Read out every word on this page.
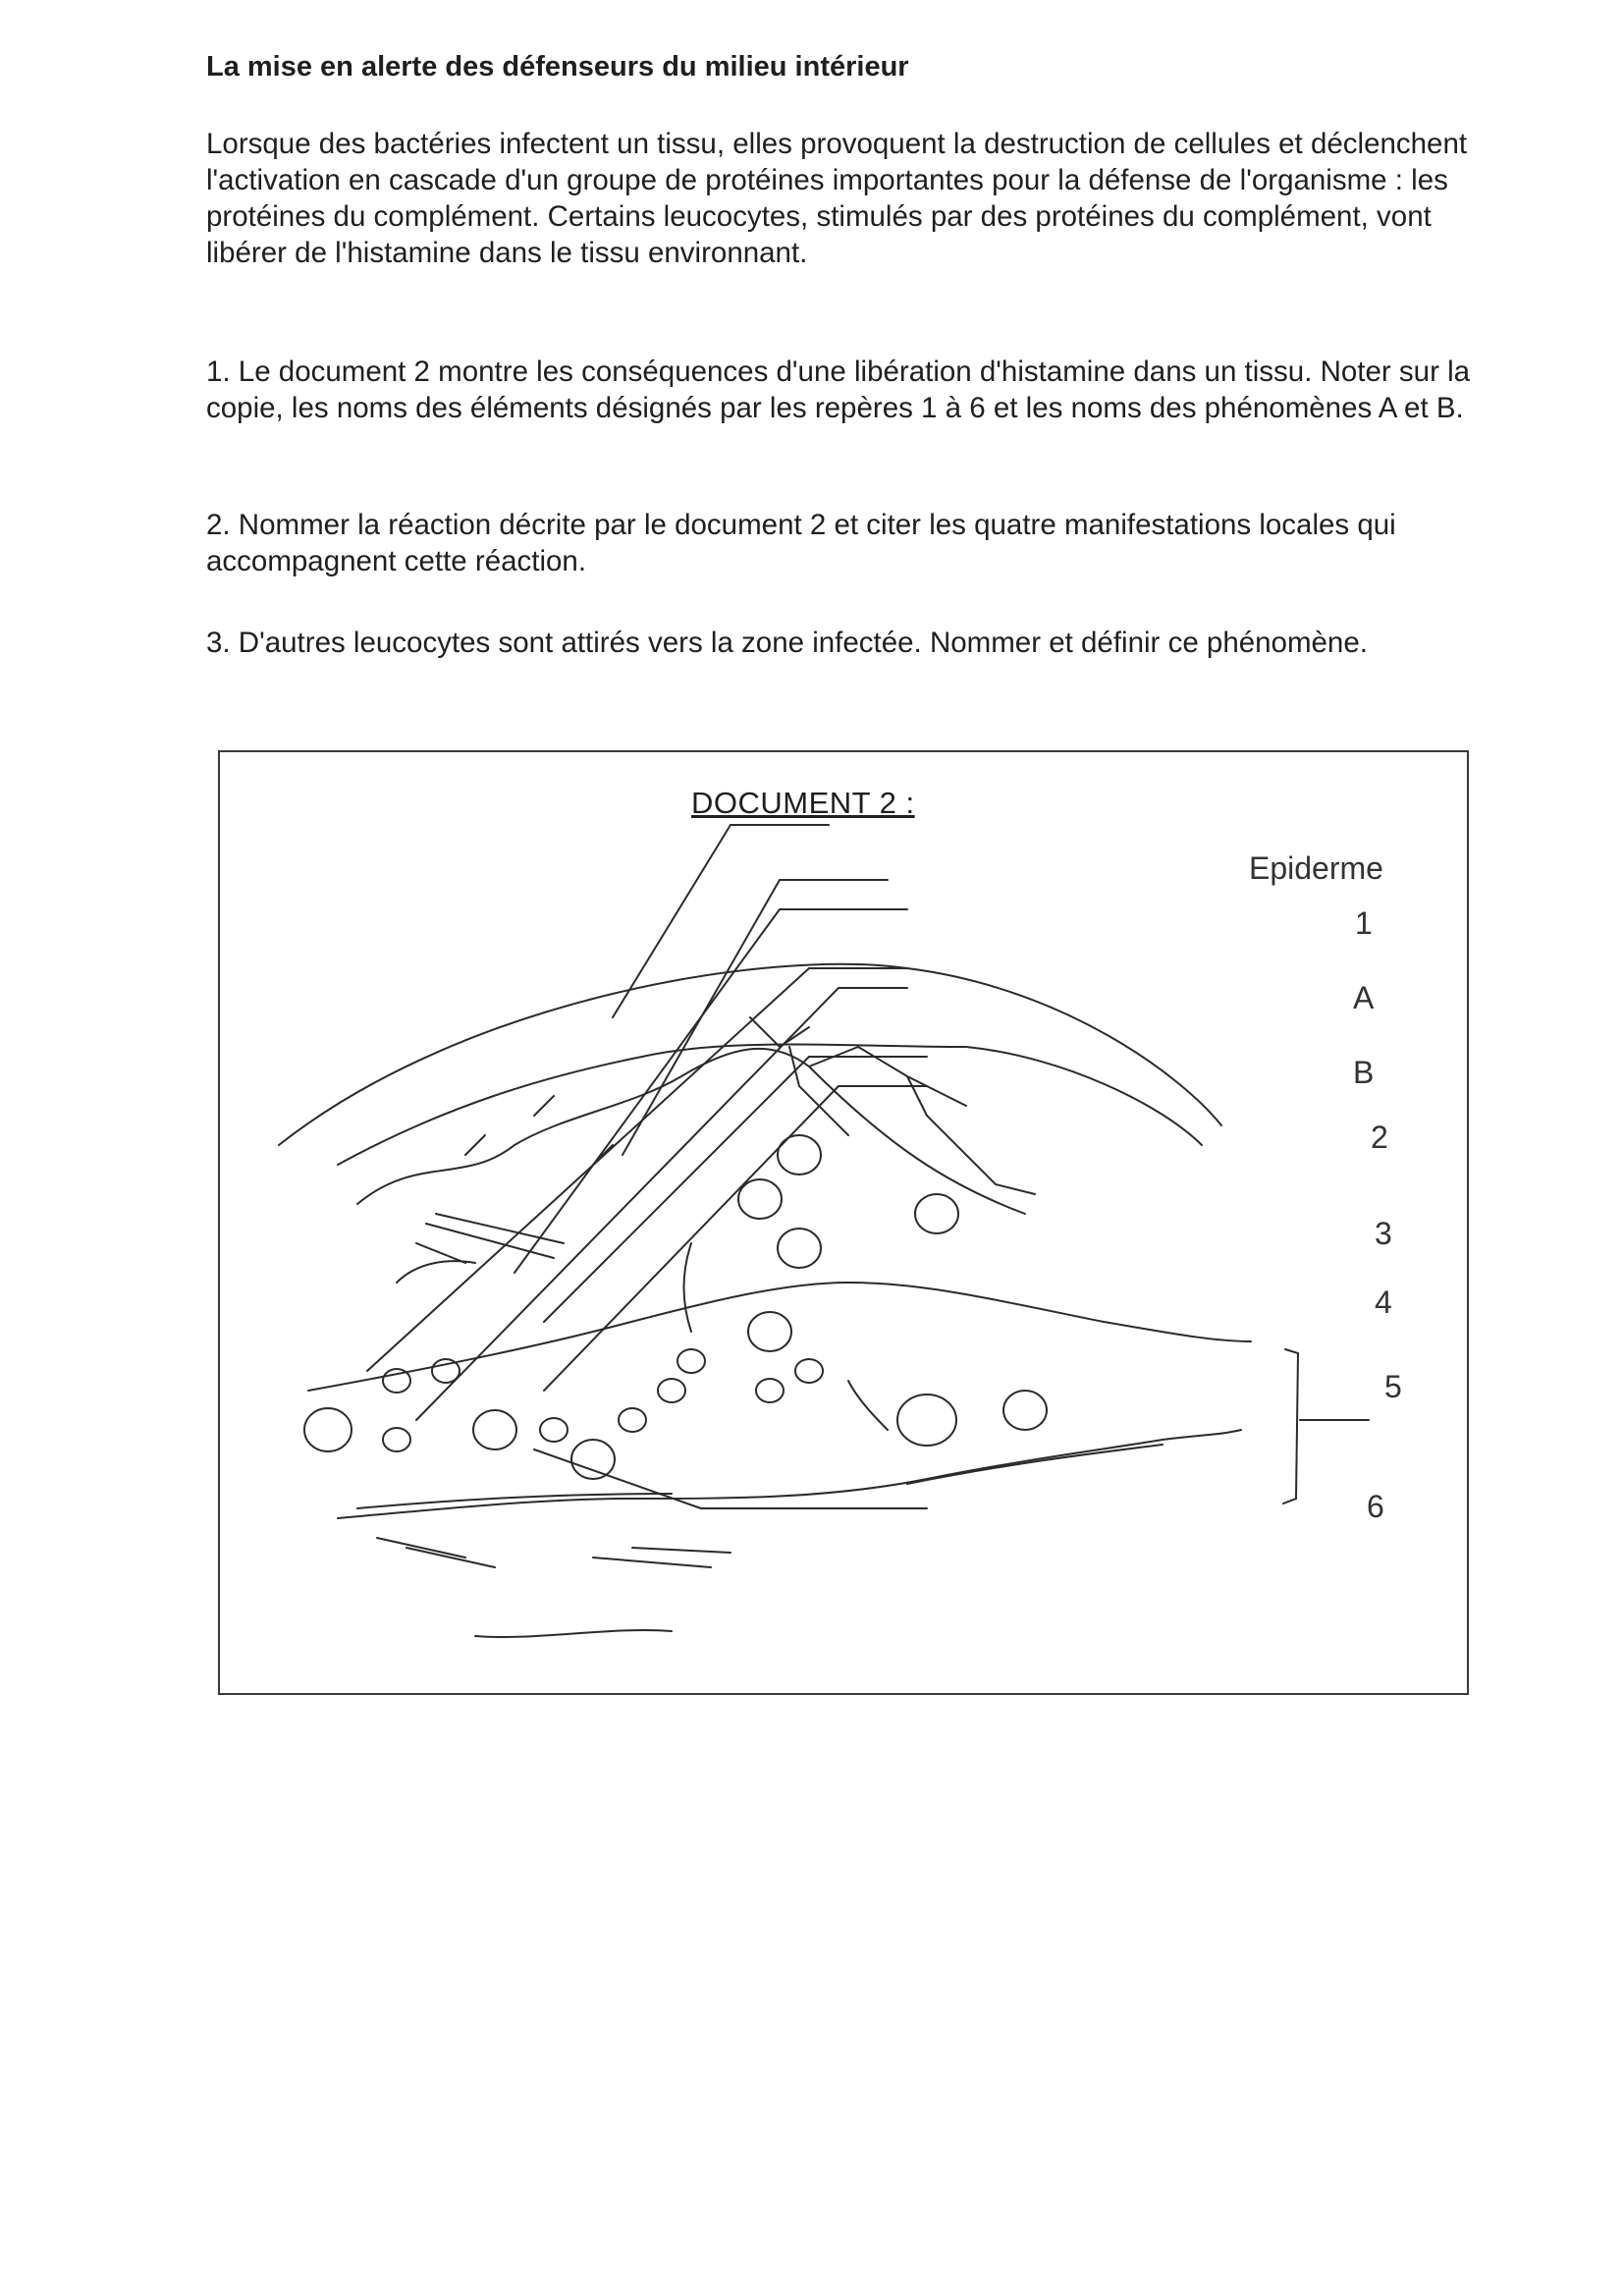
La mise en alerte des défenseurs du milieu intérieur

Lorsque des bactéries infectent un tissu, elles provoquent la destruction de cellules et déclenchent l'activation en cascade d'un groupe de protéines importantes pour la défense de l'organisme : les protéines du complément. Certains leucocytes, stimulés par des protéines du complément, vont libérer de l'histamine dans le tissu environnant.

1. Le document 2 montre les conséquences d'une libération d'histamine dans un tissu. Noter sur la copie, les noms des éléments désignés par les repères 1 à 6 et les noms des phénomènes A et B.

2. Nommer la réaction décrite par le document 2 et citer les quatre manifestations locales qui accompagnent cette réaction.

3. D'autres leucocytes sont attirés vers la zone infectée. Nommer et définir ce phénomène.

DOCUMENT 2 :

Epiderme

1

A

B

2

3

4

5

6
